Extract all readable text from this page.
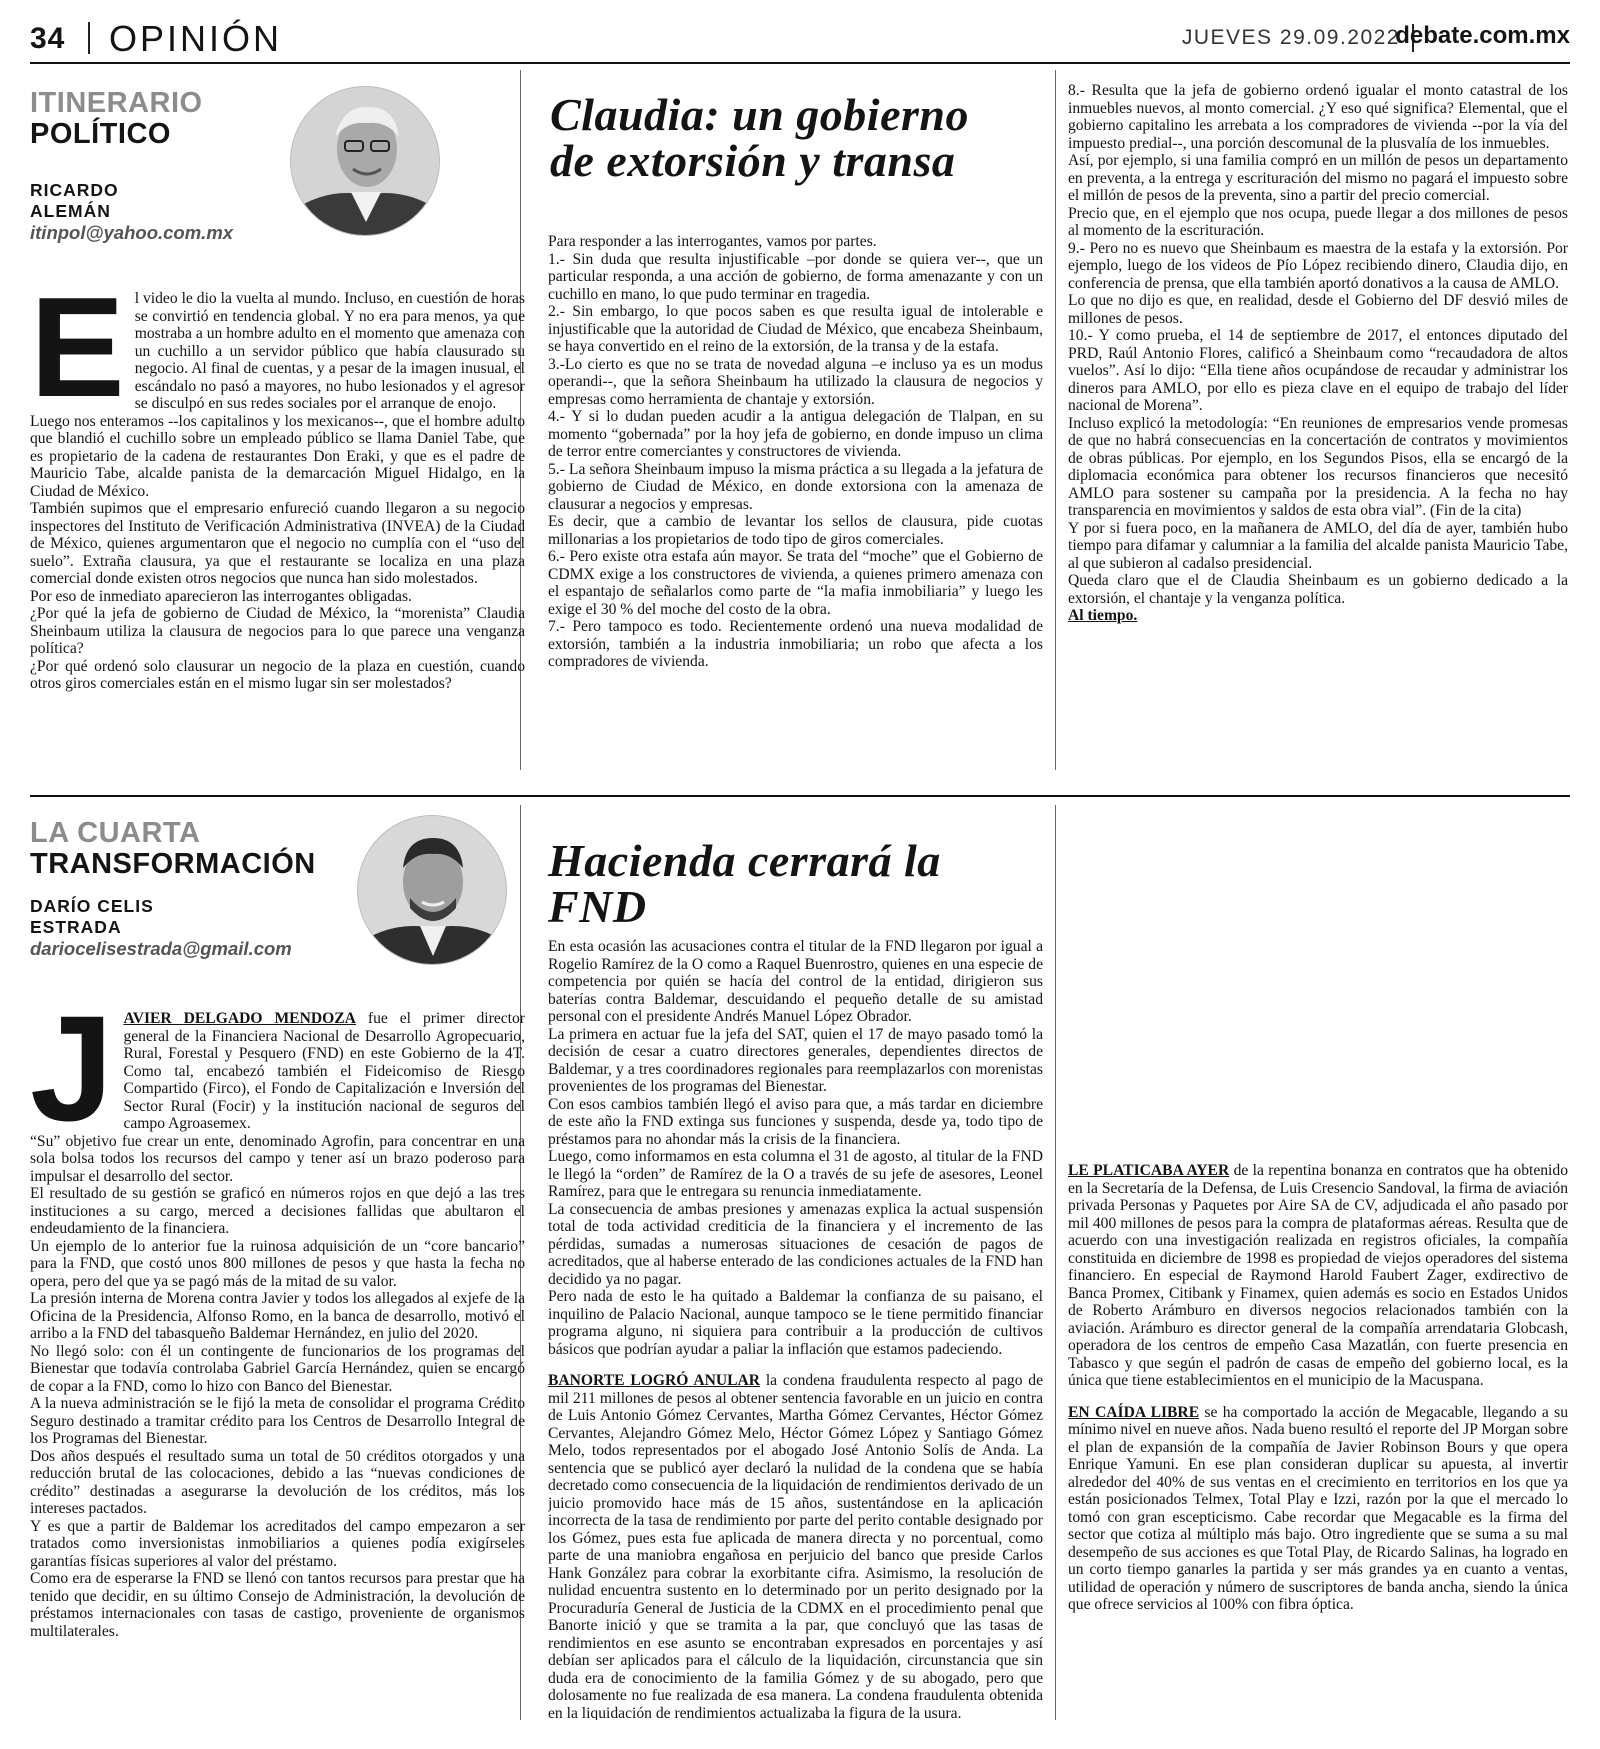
34 OPINIÓN	JUEVES 29.09.2022
debate.com.mx
ITINERARIO
POLÍTICO
RICARDO
ALEMÁN
itinpol@yahoo.com.mx
Claudia: un gobierno
de extorsión y transa
E l video le dio la vuelta al mundo. Incluso, en cuestión de horas se convirtió en tendencia global. Y no era para menos, ya que mostraba a un hombre adulto en el momento que amenaza con un cuchillo a un servidor público que había clausurado su negocio. Al final de cuentas, y a pesar de la imagen inusual, el escándalo no pasó a mayores, no hubo lesionados y el agresor se disculpó en sus redes sociales por el arranque de enojo.

Luego nos enteramos --los capitalinos y los mexicanos--, que el hombre adulto que blandió el cuchillo sobre un empleado público se llama Daniel Tabe, que es propietario de la cadena de restaurantes Don Eraki, y que es el padre de Mauricio Tabe, alcalde panista de la demarcación Miguel Hidalgo, en la Ciudad de México.

También supimos que el empresario enfureció cuando llegaron a su negocio inspectores del Instituto de Verificación Administrativa (INVEA) de la Ciudad de México, quienes argumentaron que el negocio no cumplía con el “uso del suelo”. Extraña clausura, ya que el restaurante se localiza en una plaza comercial donde existen otros negocios que nunca han sido molestados.

Por eso de inmediato aparecieron las interrogantes obligadas.

¿Por qué la jefa de gobierno de Ciudad de México, la “morenista” Claudia Sheinbaum utiliza la clausura de negocios para lo que parece una venganza política?

¿Por qué ordenó solo clausurar un negocio de la plaza en cuestión, cuando otros giros comerciales están en el mismo lugar sin ser molestados?

Para responder a las interrogantes, vamos por partes.

1.- Sin duda que resulta injustificable –por donde se quiera ver--, que un particular responda, a una acción de gobierno, de forma amenazante y con un cuchillo en mano, lo que pudo terminar en tragedia.

2.- Sin embargo, lo que pocos saben es que resulta igual de intolerable e injustificable que la autoridad de Ciudad de México, que encabeza Sheinbaum, se haya convertido en el reino de la extorsión, de la transa y de la estafa.

3.-Lo cierto es que no se trata de novedad alguna –e incluso ya es un modus operandi--, que la señora Sheinbaum ha utilizado la clausura de negocios y empresas como herramienta de chantaje y extorsión.

4.- Y si lo dudan pueden acudir a la antigua delegación de Tlalpan, en su momento “gobernada” por la hoy jefa de gobierno, en donde impuso un clima de terror entre comerciantes y constructores de vivienda.

5.- La señora Sheinbaum impuso la misma práctica a su llegada a la jefatura de gobierno de Ciudad de México, en donde extorsiona con la amenaza de clausurar a negocios y empresas.

Es decir, que a cambio de levantar los sellos de clausura, pide cuotas millonarias a los propietarios de todo tipo de giros comerciales.

6.- Pero existe otra estafa aún mayor. Se trata del “moche” que el Gobierno de CDMX exige a los constructores de vivienda, a quienes primero amenaza con el espantajo de señalarlos como parte de “la mafia inmobiliaria” y luego les exige el 30 % del moche del costo de la obra.

7.- Pero tampoco es todo. Recientemente ordenó una nueva modalidad de extorsión, también a la industria inmobiliaria; un robo que afecta a los compradores de vivienda.

8.- Resulta que la jefa de gobierno ordenó igualar el monto catastral de los inmuebles nuevos, al monto comercial. ¿Y eso qué significa? Elemental, que el gobierno capitalino les arrebata a los compradores de vivienda --por la vía del impuesto predial--, una porción descomunal de la plusvalía de los inmuebles.

Así, por ejemplo, si una familia compró en un millón de pesos un departamento en preventa, a la entrega y escrituración del mismo no pagará el impuesto sobre el millón de pesos de la preventa, sino a partir del precio comercial.

Precio que, en el ejemplo que nos ocupa, puede llegar a dos millones de pesos al momento de la escrituración.

9.- Pero no es nuevo que Sheinbaum es maestra de la estafa y la extorsión. Por ejemplo, luego de los videos de Pío López recibiendo dinero, Claudia dijo, en conferencia de prensa, que ella también aportó donativos a la causa de AMLO.

Lo que no dijo es que, en realidad, desde el Gobierno del DF desvió miles de millones de pesos.

10.- Y como prueba, el 14 de septiembre de 2017, el entonces diputado del PRD, Raúl Antonio Flores, calificó a Sheinbaum como “recaudadora de altos vuelos”. Así lo dijo: “Ella tiene años ocupándose de recaudar y administrar los dineros para AMLO, por ello es pieza clave en el equipo de trabajo del líder nacional de Morena”.

Incluso explicó la metodología: “En reuniones de empresarios vende promesas de que no habrá consecuencias en la concertación de contratos y movimientos de obras públicas. Por ejemplo, en los Segundos Pisos, ella se encargó de la diplomacia económica para obtener los recursos financieros que necesitó AMLO para sostener su campaña por la presidencia. A la fecha no hay transparencia en movimientos y saldos de esta obra vial”. (Fin de la cita)

Y por si fuera poco, en la mañanera de AMLO, del día de ayer, también hubo tiempo para difamar y calumniar a la familia del alcalde panista Mauricio Tabe, al que subieron al cadalso presidencial.

Queda claro que el de Claudia Sheinbaum es un gobierno dedicado a la extorsión, el chantaje y la venganza política.

Al tiempo.

LA CUARTA
TRANSFORMACIÓN
DARÍO CELIS
ESTRADA
darioceIisestrada@gmail.com
Hacienda cerrará la FND
J AVIER DELGADO MENDOZA fue el primer director general de la Financiera Nacional de Desarrollo Agropecuario, Rural, Forestal y Pesquero (FND) en este Gobierno de la 4T. Como tal, encabezó también el Fideicomiso de Riesgo Compartido (Firco), el Fondo de Capitalización e Inversión del Sector Rural (Focir) y la institución nacional de seguros del campo Agroasemex.

“Su” objetivo fue crear un ente, denominado Agrofin, para concentrar en una sola bolsa todos los recursos del campo y tener así un brazo poderoso para impulsar el desarrollo del sector.

El resultado de su gestión se graficó en números rojos en que dejó a las tres instituciones a su cargo, merced a decisiones fallidas que abultaron el endeudamiento de la financiera.

Un ejemplo de lo anterior fue la ruinosa adquisición de un “core bancario” para la FND, que costó unos 800 millones de pesos y que hasta la fecha no opera, pero del que ya se pagó más de la mitad de su valor.

La presión interna de Morena contra Javier y todos los allegados al exjefe de la Oficina de la Presidencia, Alfonso Romo, en la banca de desarrollo, motivó el arribo a la FND del tabasqueño Baldemar Hernández, en julio del 2020.

No llegó solo: con él un contingente de funcionarios de los programas del Bienestar que todavía controlaba Gabriel García Hernández, quien se encargó de copar a la FND, como lo hizo con Banco del Bienestar.

A la nueva administración se le fijó la meta de consolidar el programa Crédito Seguro destinado a tramitar crédito para los Centros de Desarrollo Integral de los Programas del Bienestar.

Dos años después el resultado suma un total de 50 créditos otorgados y una reducción brutal de las colocaciones, debido a las “nuevas condiciones de crédito” destinadas a asegurarse la devolución de los créditos, más los intereses pactados.

Y es que a partir de Baldemar los acreditados del campo empezaron a ser tratados como inversionistas inmobiliarios a quienes podía exigírseles garantías físicas superiores al valor del préstamo.

Como era de esperarse la FND se llenó con tantos recursos para prestar que ha tenido que decidir, en su último Consejo de Administración, la devolución de préstamos internacionales con tasas de castigo, proveniente de organismos multilaterales.

En esta ocasión las acusaciones contra el titular de la FND llegaron por igual a Rogelio Ramírez de la O como a Raquel Buenrostro, quienes en una especie de competencia por quién se hacía del control de la entidad, dirigieron sus baterías contra Baldemar, descuidando el pequeño detalle de su amistad personal con el presidente Andrés Manuel López Obrador.

La primera en actuar fue la jefa del SAT, quien el 17 de mayo pasado tomó la decisión de cesar a cuatro directores generales, dependientes directos de Baldemar, y a tres coordinadores regionales para reemplazarlos con morenistas provenientes de los programas del Bienestar.

Con esos cambios también llegó el aviso para que, a más tardar en diciembre de este año la FND extinga sus funciones y suspenda, desde ya, todo tipo de préstamos para no ahondar más la crisis de la financiera.

Luego, como informamos en esta columna el 31 de agosto, al titular de la FND le llegó la “orden” de Ramírez de la O a través de su jefe de asesores, Leonel Ramírez, para que le entregara su renuncia inmediatamente.

La consecuencia de ambas presiones y amenazas explica la actual suspensión total de toda actividad crediticia de la financiera y el incremento de las pérdidas, sumadas a numerosas situaciones de cesación de pagos de acreditados, que al haberse enterado de las condiciones actuales de la FND han decidido ya no pagar.

Pero nada de esto le ha quitado a Baldemar la confianza de su paisano, el inquilino de Palacio Nacional, aunque tampoco se le tiene permitido financiar programa alguno, ni siquiera para contribuir a la producción de cultivos básicos que podrían ayudar a paliar la inflación que estamos padeciendo.

BANORTE LOGRÓ ANULAR la condena fraudulenta respecto al pago de mil 211 millones de pesos al obtener sentencia favorable en un juicio en contra de Luis Antonio Gómez Cervantes, Martha Gómez Cervantes, Héctor Gómez Cervantes, Alejandro Gómez Melo, Héctor Gómez López y Santiago Gómez Melo, todos representados por el abogado José Antonio Solís de Anda. La sentencia que se publicó ayer declaró la nulidad de la condena que se había decretado como consecuencia de la liquidación de rendimientos derivado de un juicio promovido hace más de 15 años, sustentándose en la aplicación incorrecta de la tasa de rendimiento por parte del perito contable designado por los Gómez, pues esta fue aplicada de manera directa y no porcentual, como parte de una maniobra engañosa en perjuicio del banco que preside Carlos Hank González para cobrar la exorbitante cifra. Asimismo, la resolución de nulidad encuentra sustento en lo determinado por un perito designado por la Procuraduría General de Justicia de la CDMX en el procedimiento penal que Banorte inició y que se tramita a la par, que concluyó que las tasas de rendimientos en ese asunto se encontraban expresados en porcentajes y así debían ser aplicados para el cálculo de la liquidación, circunstancia que sin duda era de conocimiento de la familia Gómez y de su abogado, pero que dolosamente no fue realizada de esa manera. La condena fraudulenta obtenida en la liquidación de rendimientos actualizaba la figura de la usura.

LE PLATICABA AYER de la repentina bonanza en contratos que ha obtenido en la Secretaría de la Defensa, de Luis Cresencio Sandoval, la firma de aviación privada Personas y Paquetes por Aire SA de CV, adjudicada el año pasado por mil 400 millones de pesos para la compra de plataformas aéreas. Resulta que de acuerdo con una investigación realizada en registros oficiales, la compañía constituida en diciembre de 1998 es propiedad de viejos operadores del sistema financiero. En especial de Raymond Harold Faubert Zager, exdirectivo de Banca Promex, Citibank y Finamex, quien además es socio en Estados Unidos de Roberto Arámburo en diversos negocios relacionados también con la aviación. Arámburo es director general de la compañía arrendataria Globcash, operadora de los centros de empeño Casa Mazatlán, con fuerte presencia en Tabasco y que según el padrón de casas de empeño del gobierno local, es la única que tiene establecimientos en el municipio de la Macuspana.

EN CAÍDA LIBRE se ha comportado la acción de Megacable, llegando a su mínimo nivel en nueve años. Nada bueno resultó el reporte del JP Morgan sobre el plan de expansión de la compañía de Javier Robinson Bours y que opera Enrique Yamuni. En ese plan consideran duplicar su apuesta, al invertir alrededor del 40% de sus ventas en el crecimiento en territorios en los que ya están posicionados Telmex, Total Play e Izzi, razón por la que el mercado lo tomó con gran escepticismo. Cabe recordar que Megacable es la firma del sector que cotiza al múltiplo más bajo. Otro ingrediente que se suma a su mal desempeño de sus acciones es que Total Play, de Ricardo Salinas, ha logrado en un corto tiempo ganarles la partida y ser más grandes ya en cuanto a ventas, utilidad de operación y número de suscriptores de banda ancha, siendo la única que ofrece servicios al 100% con fibra óptica.
